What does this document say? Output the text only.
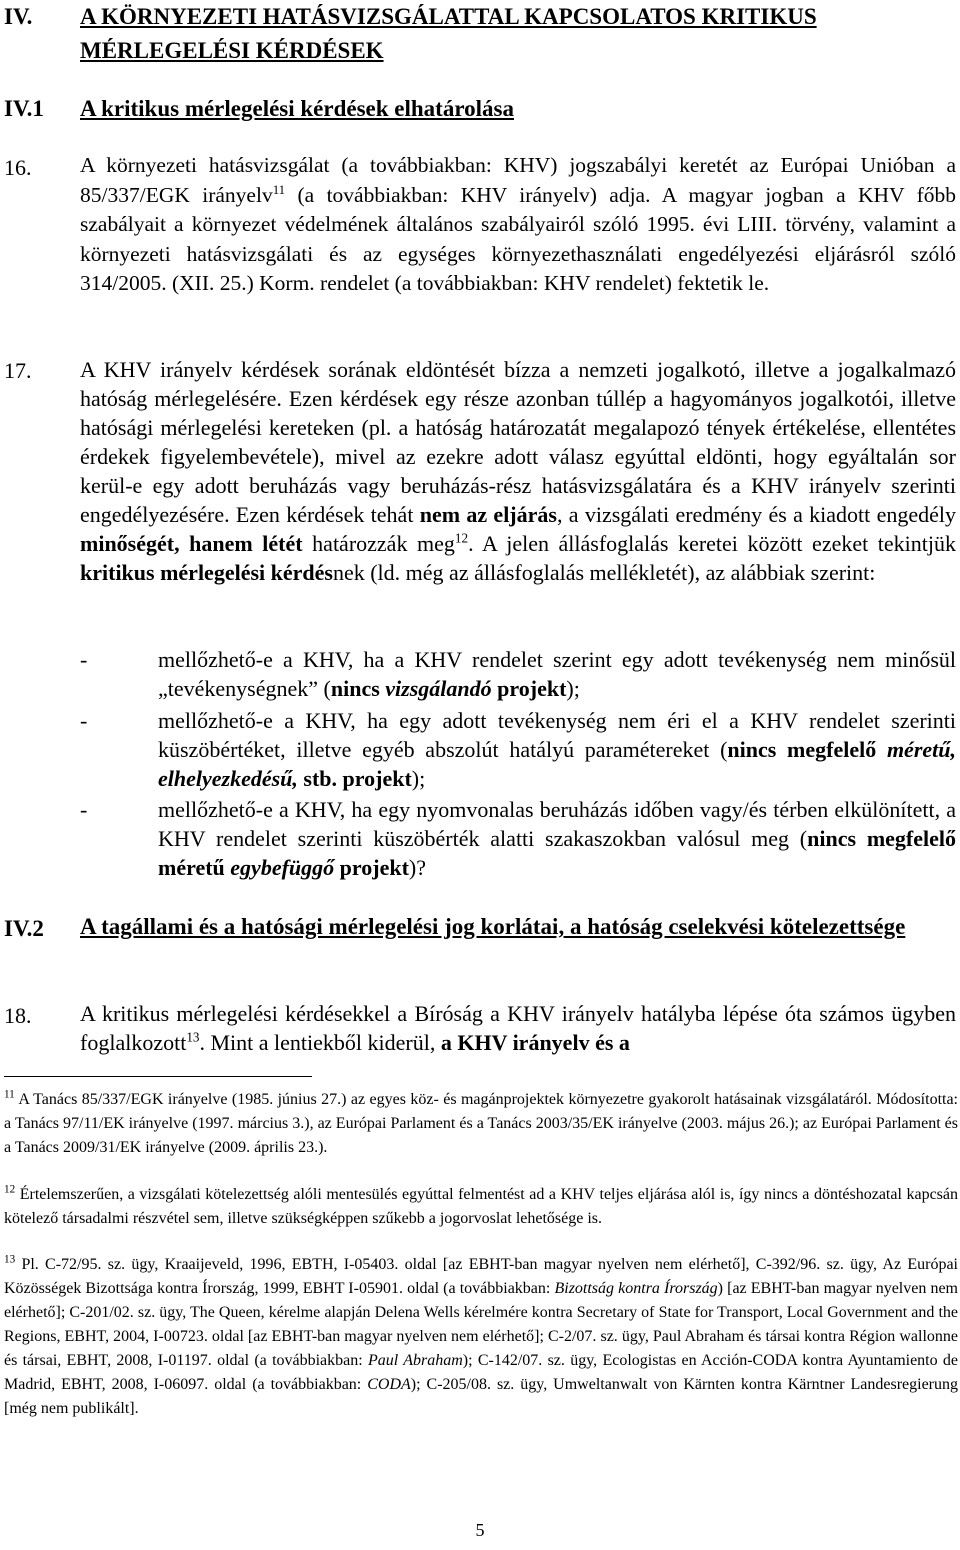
IV. A KÖRNYEZETI HATÁSVIZSGÁLATTAL KAPCSOLATOS KRITIKUS
MÉRLEGELÉSI KÉRDÉSEK
IV.1 A kritikus mérlegelési kérdések elhatárolása
16. A környezeti hatásvizsgálat (a továbbiakban: KHV) jogszabályi keretét az Európai Unióban a 85/337/EGK irányelv$^{11}$ (a továbbiakban: KHV irányelv) adja. A magyar jogban a KHV főbb szabályait a környezet védelmének általános szabályairól szóló 1995. évi LIII. törvény, valamint a környezeti hatásvizsgálati és az egységes környezethasználati engedélyezési eljárásról szóló 314/2005. (XII. 25.) Korm. rendelet (a továbbiakban: KHV rendelet) fektetik le.
17. A KHV irányelv kérdések sorának eldöntését bízza a nemzeti jogalkotó, illetve a jogalkalmazó hatóság mérlegelésére. Ezen kérdések egy része azonban túllép a hagyományos jogalkotói, illetve hatósági mérlegelési kereteken (pl. a hatóság határozatát megalapozó tények értékelése, ellentétes érdekek figyelembevétele), mivel az ezekre adott válasz egyúttal eldönti, hogy egyáltalán sor kerül-e egy adott beruházás vagy beruházás-rész hatásvizsgálatára és a KHV irányelv szerinti engedélyezésére. Ezen kérdések tehát nem az eljárás, a vizsgálati eredmény és a kiadott engedély minőségét, hanem létét határozzák meg$^{12}$. A jelen állásfoglalás keretei között ezeket tekintjük kritikus mérlegelési kérdésnek (ld. még az állásfoglalás mellékletét), az alábbiak szerint:
-	mellőzhető-e a KHV, ha a KHV rendelet szerint egy adott tevékenység nem minősül „tevékenységnek” (nincs vizsgálandó projekt);
-	mellőzhető-e a KHV, ha egy adott tevékenység nem éri el a KHV rendelet szerinti küszöbértéket, illetve egyéb abszolút hatályú paramétereket (nincs megfelelő méretű, elhelyezkedésű, stb. projekt);
-	mellőzhető-e a KHV, ha egy nyomvonalas beruházás időben vagy/és térben elkülönített, a KHV rendelet szerinti küszöbérték alatti szakaszokban valósul meg (nincs megfelelő méretű egybefüggő projekt)?
IV.2 A tagállami és a hatósági mérlegelési jog korlátai, a hatóság cselekvési kötelezettsége
18. A kritikus mérlegelési kérdésekkel a Bíróság a KHV irányelv hatályba lépése óta számos ügyben foglalkozott$^{13}$. Mint a lentiekből kiderül, a KHV irányelv és a
$^{11}$ A Tanács 85/337/EGK irányelve (1985. június 27.) az egyes köz- és magánprojektek környezetre gyakorolt hatásainak vizsgálatáról. Módosította: a Tanács 97/11/EK irányelve (1997. március 3.), az Európai Parlament és a Tanács 2003/35/EK irányelve (2003. május 26.); az Európai Parlament és a Tanács 2009/31/EK irányelve (2009. április 23.).
$^{12}$ Értelemszerűen, a vizsgálati kötelezettség alóli mentesülés egyúttal felmentést ad a KHV teljes eljárása alól is, így nincs a döntéshozatal kapcsán kötelező társadalmi részvétel sem, illetve szükségképpen szűkebb a jogorvoslat lehetősége is.
$^{13}$ Pl. C-72/95. sz. ügy, Kraaijeveld, 1996, EBTH, I-05403. oldal [az EBHT-ban magyar nyelven nem elérhető], C-392/96. sz. ügy, Az Európai Közösségek Bizottsága kontra Írország, 1999, EBHT I-05901. oldal (a továbbiakban: Bizottság kontra Írország) [az EBHT-ban magyar nyelven nem elérhető]; C-201/02. sz. ügy, The Queen, kérelme alapján Delena Wells kérelmére kontra Secretary of State for Transport, Local Government and the Regions, EBHT, 2004, I-00723. oldal [az EBHT-ban magyar nyelven nem elérhető]; C-2/07. sz. ügy, Paul Abraham és társai kontra Région wallonne és társai, EBHT, 2008, I-01197. oldal (a továbbiakban: Paul Abraham); C-142/07. sz. ügy, Ecologistas en Acción-CODA kontra Ayuntamiento de Madrid, EBHT, 2008, I-06097. oldal (a továbbiakban: CODA); C-205/08. sz. ügy, Umweltanwalt von Kärnten kontra Kärntner Landesregierung [még nem publikált].
5
